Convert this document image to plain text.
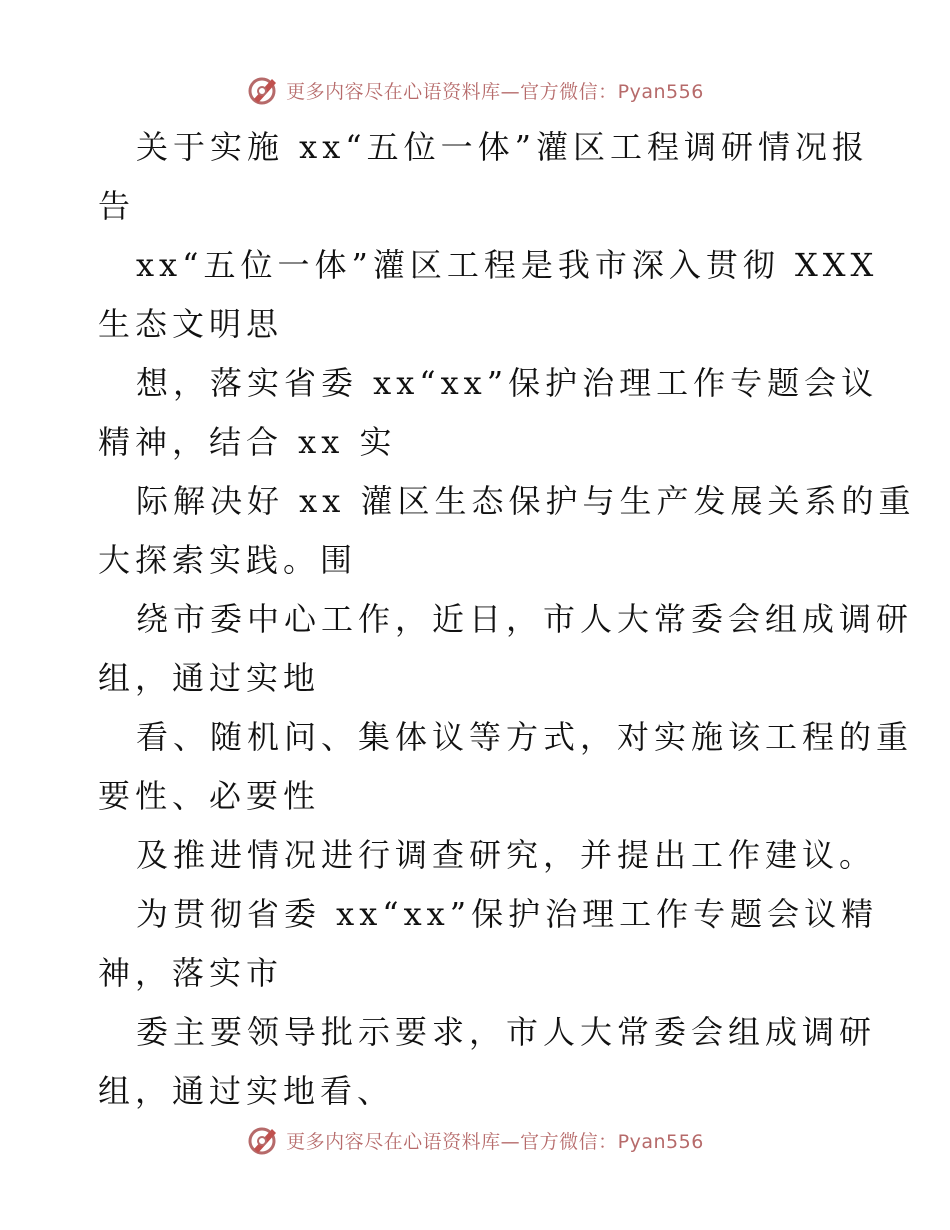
更多内容尽在心语资料库—官方微信：Pyan556
关于实施 xx“五位一体”灌区工程调研情况报
告
xx“五位一体”灌区工程是我市深入贯彻 XXX
生态文明思
想，落实省委 xx“xx”保护治理工作专题会议
精神，结合 xx 实
际解决好 xx 灌区生态保护与生产发展关系的重
大探索实践。围
绕市委中心工作，近日，市人大常委会组成调研
组，通过实地
看、随机问、集体议等方式，对实施该工程的重
要性、必要性
及推进情况进行调查研究，并提出工作建议。
为贯彻省委 xx“xx”保护治理工作专题会议精
神，落实市
委主要领导批示要求，市人大常委会组成调研
组，通过实地看、
更多内容尽在心语资料库—官方微信：Pyan556
